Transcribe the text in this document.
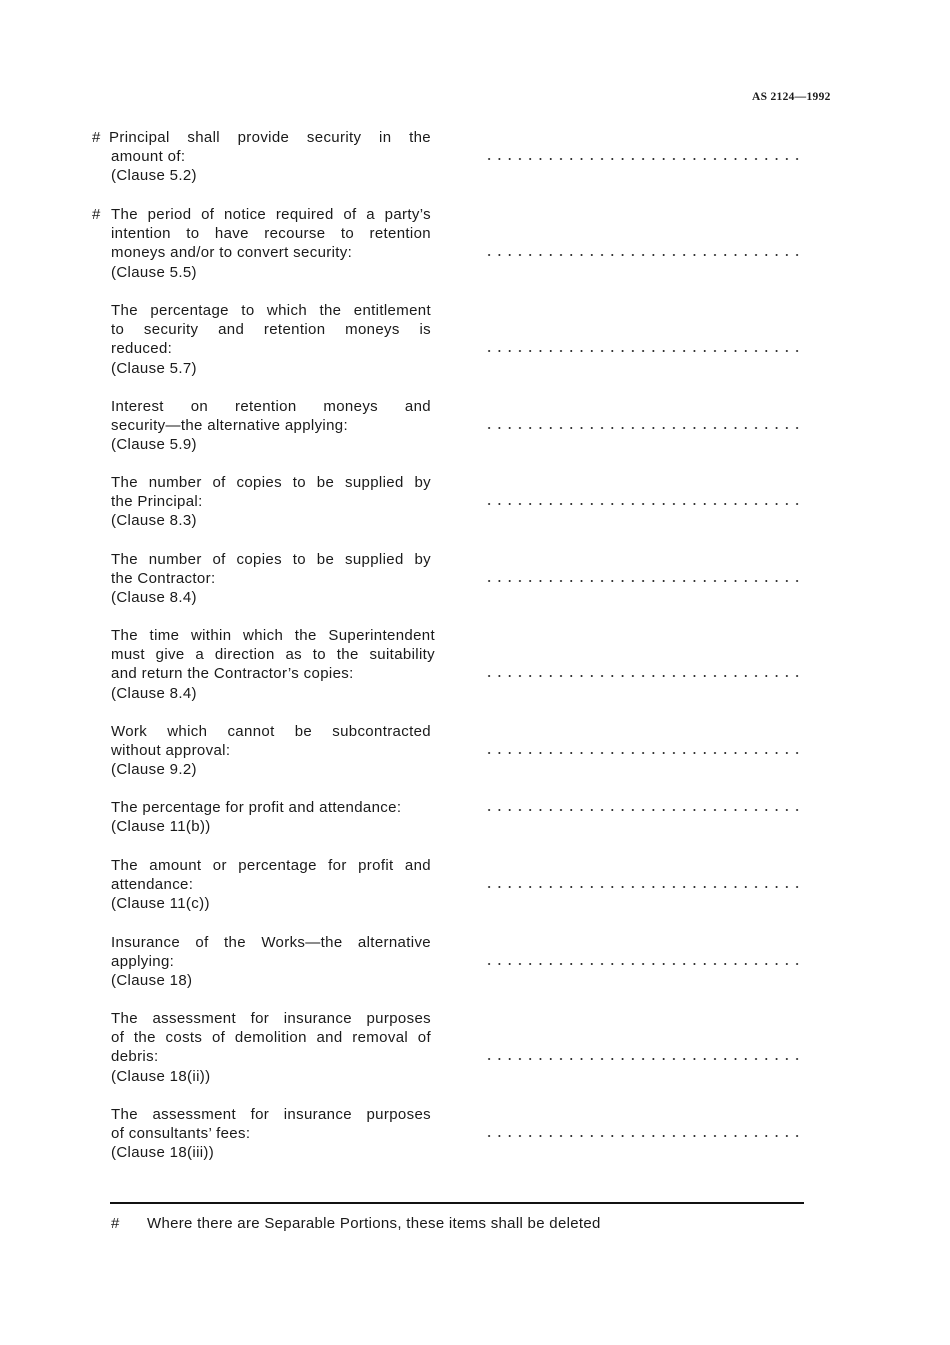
AS 2124—1992
# Principal shall provide security in the
amount of:
(Clause 5.2)
# The period of notice required of a party’s
intention to have recourse to retention
moneys and/or to convert security:
(Clause 5.5)
The percentage to which the entitlement
to security and retention moneys is
reduced:
(Clause 5.7)
Interest on retention moneys and
security—the alternative applying:
(Clause 5.9)
The number of copies to be supplied by
the Principal:
(Clause 8.3)
The number of copies to be supplied by
the Contractor:
(Clause 8.4)
The time within which the Superintendent
must give a direction as to the suitability
and return the Contractor’s copies:
(Clause 8.4)
Work which cannot be subcontracted
without approval:
(Clause 9.2)
The percentage for profit and attendance:
(Clause 11(b))
The amount or percentage for profit and
attendance:
(Clause 11(c))
Insurance of the Works—the alternative
applying:
(Clause 18)
The assessment for insurance purposes
of the costs of demolition and removal of
debris:
(Clause 18(ii))
The assessment for insurance purposes
of consultants’ fees:
(Clause 18(iii))
# Where there are Separable Portions, these items shall be deleted
